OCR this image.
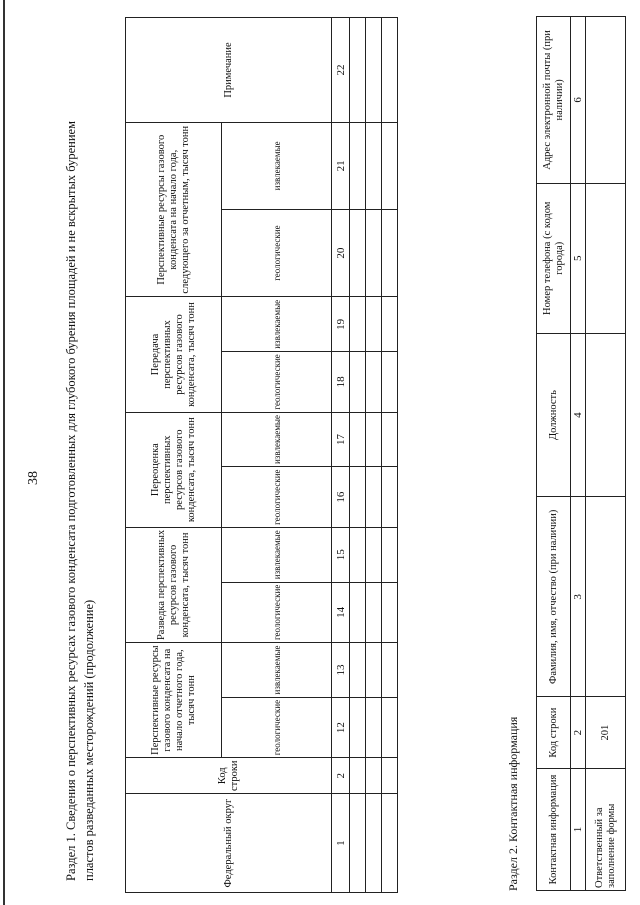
38 Раздел 1. Сведения о перспективных ресурсах газового конденсата подготовленных для глубокого бурения площадей и не вскрытых бурением пластов разведанных месторождений (продолжение)	Федеральный округ	Код строки	Перспективные ресурсы газового конденсата на начало отчетного года, тысяч тонн		Разведка перспективных ресурсов газового конденсата, тысяч тонн		Переоценка перспективных ресурсов газового конденсата, тысяч тонн		Передача перспективных ресурсов газового конденсата, тысяч тонн		Перспективные ресурсы газового конденсата на начало года, следующего за отчетным, тысяч тонн		Примечание
		геологические	извлекаемые	геологические	извлекаемые	геологические	извлекаемые	геологические	извлекаемые	геологические	извлекаемые	
1	2	12	13	14	15	16	17	18	19	20	21	22

Раздел 2. Контактная информация	Контактная информация	Код строки	Фамилия, имя, отчество (при наличии)	Должность	Номер телефона (с кодом города)	Адрес электронной почты (при наличии)
1	2	3	4	5	6
Ответственный за заполнение формы	201				
